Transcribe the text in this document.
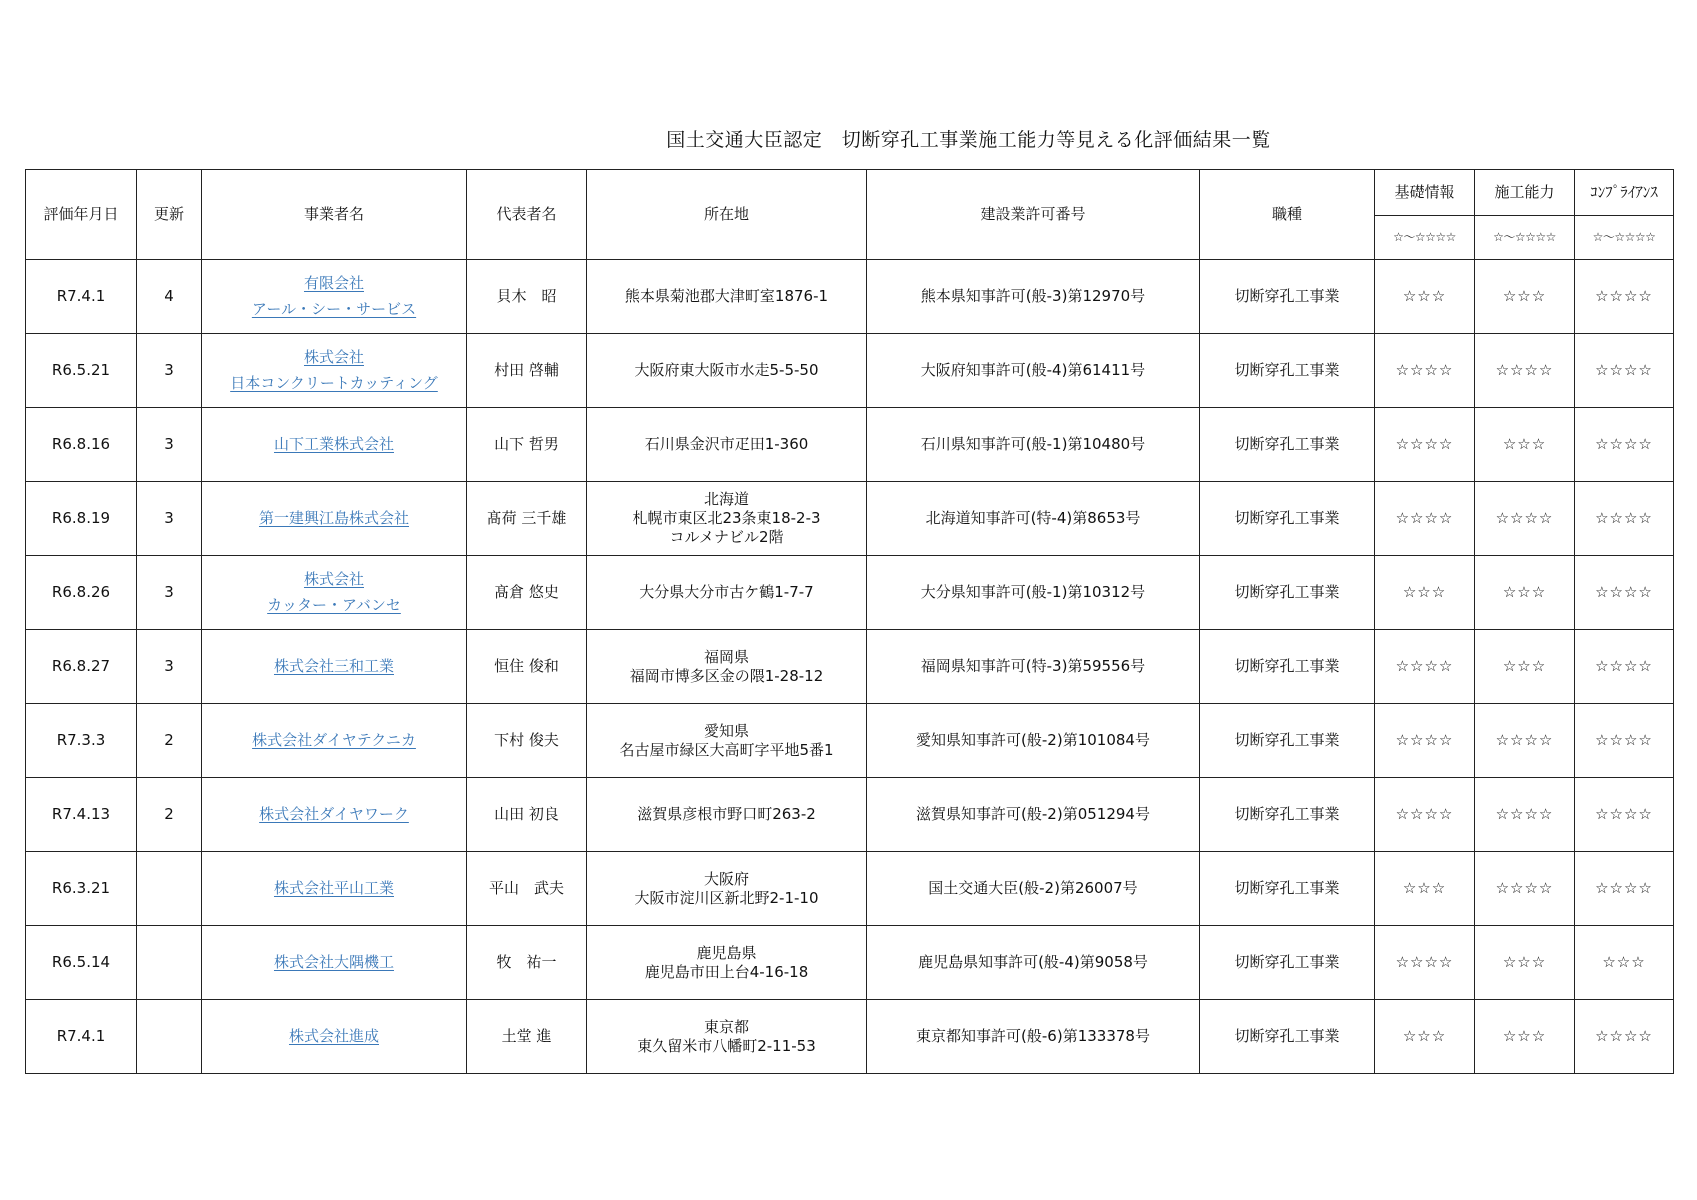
国土交通大臣認定　切断穿孔工事業施工能力等見える化評価結果一覧
評価年月日	更新	事業者名	代表者名	所在地	建設業許可番号	職種	基礎情報	施工能力	ｺﾝﾌﾟﾗｲｱﾝｽ
							☆～☆☆☆☆	☆～☆☆☆☆	☆～☆☆☆☆
R7.4.1	4	有限会社
アール・シー・サービス	貝木　昭	熊本県菊池郡大津町室1876-1	熊本県知事許可(般-3)第12970号	切断穿孔工事業	☆☆☆	☆☆☆	☆☆☆☆
R6.5.21	3	株式会社
日本コンクリートカッティング	村田 啓輔	大阪府東大阪市水走5-5-50	大阪府知事許可(般-4)第61411号	切断穿孔工事業	☆☆☆☆	☆☆☆☆	☆☆☆☆
R6.8.16	3	山下工業株式会社	山下 哲男	石川県金沢市疋田1-360	石川県知事許可(般-1)第10480号	切断穿孔工事業	☆☆☆☆	☆☆☆	☆☆☆☆
R6.8.19	3	第一建興江島株式会社	髙荷 三千雄	北海道
札幌市東区北23条東18-2-3
コルメナビル2階	北海道知事許可(特-4)第8653号	切断穿孔工事業	☆☆☆☆	☆☆☆☆	☆☆☆☆
R6.8.26	3	株式会社
カッター・アバンセ	髙倉 悠史	大分県大分市古ケ鶴1-7-7	大分県知事許可(般-1)第10312号	切断穿孔工事業	☆☆☆	☆☆☆	☆☆☆☆
R6.8.27	3	株式会社三和工業	恒住 俊和	福岡県
福岡市博多区金の隈1-28-12	福岡県知事許可(特-3)第59556号	切断穿孔工事業	☆☆☆☆	☆☆☆	☆☆☆☆
R7.3.3	2	株式会社ダイヤテクニカ	下村 俊夫	愛知県
名古屋市緑区大高町字平地5番1	愛知県知事許可(般-2)第101084号	切断穿孔工事業	☆☆☆☆	☆☆☆☆	☆☆☆☆
R7.4.13	2	株式会社ダイヤワーク	山田 初良	滋賀県彦根市野口町263-2	滋賀県知事許可(般-2)第051294号	切断穿孔工事業	☆☆☆☆	☆☆☆☆	☆☆☆☆
R6.3.21		株式会社平山工業	平山　武夫	大阪府
大阪市淀川区新北野2-1-10	国土交通大臣(般-2)第26007号	切断穿孔工事業	☆☆☆	☆☆☆☆	☆☆☆☆
R6.5.14		株式会社大隅機工	牧　祐一	鹿児島県
鹿児島市田上台4-16-18	鹿児島県知事許可(般-4)第9058号	切断穿孔工事業	☆☆☆☆	☆☆☆	☆☆☆
R7.4.1		株式会社進成	土堂 進	東京都
東久留米市八幡町2-11-53	東京都知事許可(般-6)第133378号	切断穿孔工事業	☆☆☆	☆☆☆	☆☆☆☆
